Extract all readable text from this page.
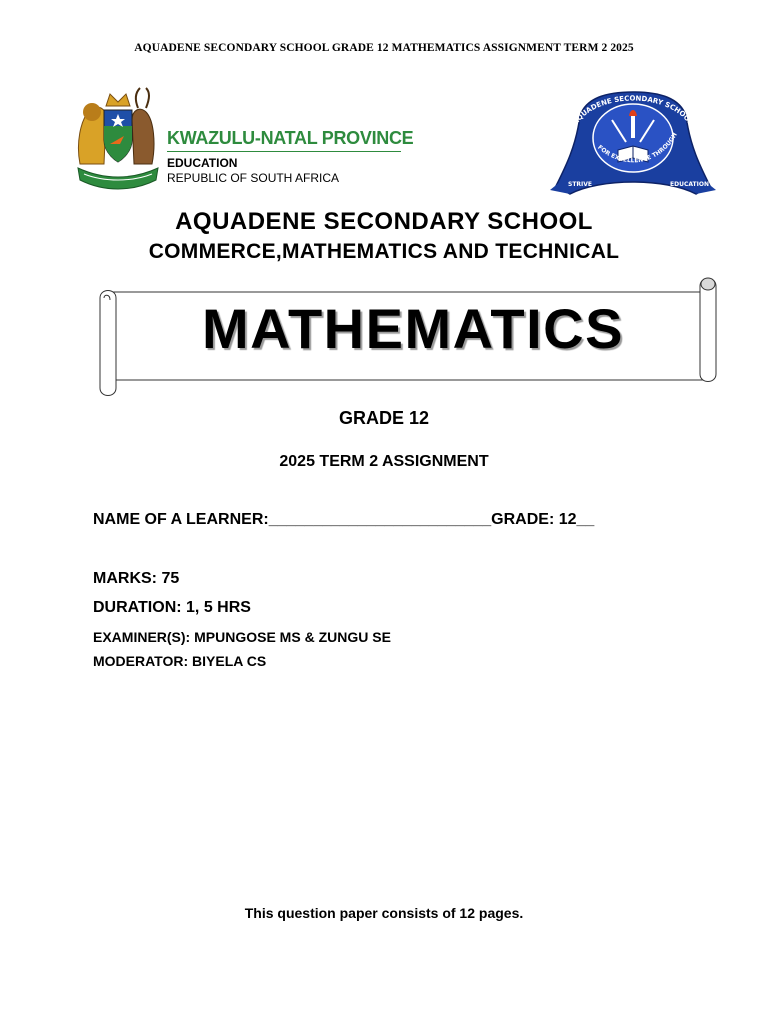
AQUADENE SECONDARY SCHOOL GRADE 12 MATHEMATICS ASSIGNMENT TERM 2 2025
KWAZULU-NATAL PROVINCE
EDUCATION
REPUBLIC OF SOUTH AFRICA
AQUADENE SECONDARY SCHOOL
FOR EXCELLENCE THROUGH
STRIVE	EDUCATION
AQUADENE SECONDARY SCHOOL
COMMERCE,MATHEMATICS AND TECHNICAL
MATHEMATICS
GRADE 12
2025 TERM 2 ASSIGNMENT
NAME OF A LEARNER:_________________________GRADE: 12__
MARKS: 75
DURATION: 1, 5 HRS
EXAMINER(S): MPUNGOSE MS & ZUNGU SE
MODERATOR: BIYELA CS
This question paper consists of 12 pages.
